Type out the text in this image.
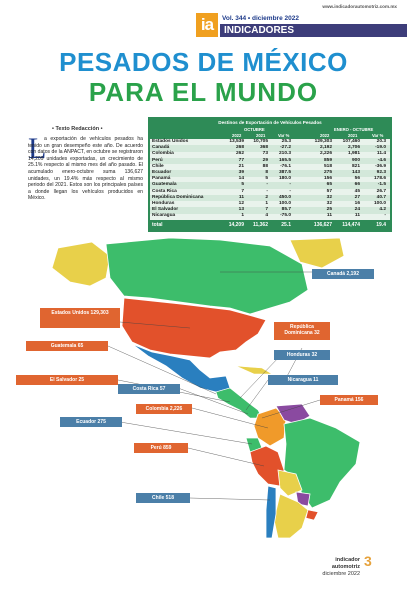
www.indicadorautomotriz.com.mx
ia	Vol. 344 • diciembre 2022
INDICADORES
PESADOS DE MÉXICO
PARA EL MUNDO
• Texto Redacción •
L
a exportación de vehículos pesados ha tenido un gran desempeño este año. De acuerdo con datos de la ANPACT, en octubre se registraron 14,209 unidades exportadas, un crecimiento de 25.1% respecto al mismo mes del año pasado. El acumulado enero-octubre suma 136,627 unidades, un 19.4% más respecto al mismo periodo del 2021. Estos son los principales países a donde llegan los vehículos producidos en México.
Destinos de Exportación de Vehículos Pesados
OCTUBRE	ENERO - OCTUBRE
2022	2021	Var %	2022	2021	Var %
Estados Unidos	13,539	10,705	25.3	129,303	107,460	20.3
Canadá	268	368	-27.2	2,192	2,706	-19.0
Colombia	262	73	210.3	2,226	1,981	11.4
Perú	77	29	165.5	859	900	-4.6
Chile	21	88	-76.1	518	821	-36.9
Ecuador	39	8	387.5	275	143	92.3
Panamá	14	5	180.0	156	56	178.6
Guatemala	5	-	-	65	66	-1.5
Costa Rica	7	-	-	57	45	26.7
República Dominicana	11	2	450.0	32	27	40.7
Honduras	12	1	100.0	32	16	100.0
El Salvador	13	7	85.7	25	24	4.2
Nicaragua	1	4	-75.0	11	11	-
total	14,209	11,362	25.1	136,627	114,474	19.4
Canadá 2,192
Estados Unidos 129,303
Guatemala 65
República Dominicana 32
Honduras 32
El Salvador 25	Nicaragua 11
Costa Rica 57
Panamá 156
Colombia 2,226
Ecuador 275
Perú 859
Chile 518
indicador automotriz
diciembre 2022
3
